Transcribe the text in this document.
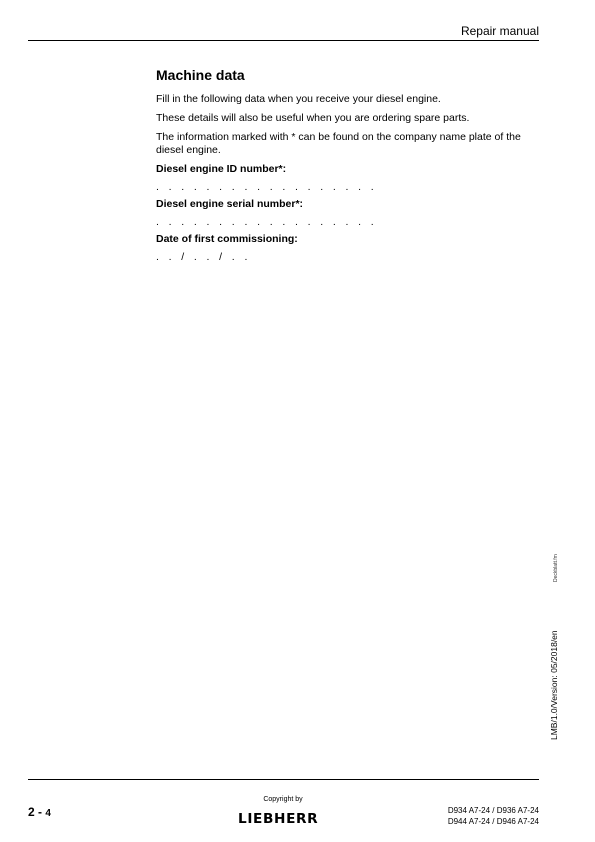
Repair manual
Machine data
Fill in the following data when you receive your diesel engine.
These details will also be useful when you are ordering spare parts.
The information marked with * can be found on the company name plate of the diesel engine.
Diesel engine ID number*:
. . . . . . . . . . . . . . . . . .
Diesel engine serial number*:
. . . . . . . . . . . . . . . . . .
Date of first commissioning:
. . / . . / . .
Deckblatt.fm
LMB/1.0/Version: 05/2018/en
2 - 4
Copyright by
LIEBHERR
D934 A7-24 / D936 A7-24
D944 A7-24 / D946 A7-24
